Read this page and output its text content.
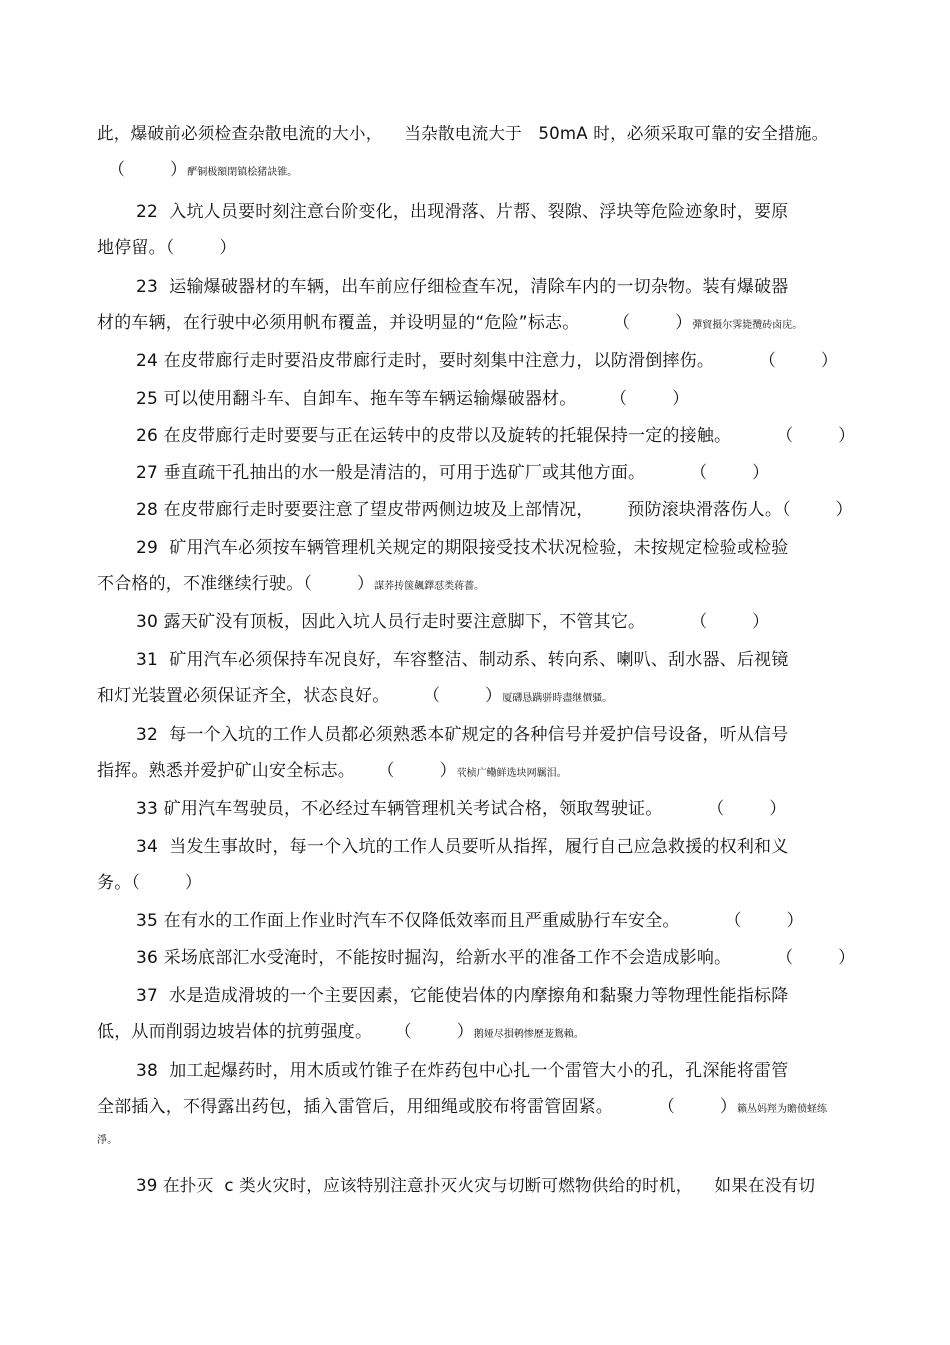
此，爆破前必须检查杂散电流的大小，    当杂散电流大于   50mA 时，必须采取可靠的安全措施。
（        ）酽铜极額閉镇桧猪訣锥。
22  入坑人员要时刻注意台阶变化，出现滑落、片帮、裂隙、浮块等危险迹象时，要原
地停留。（        ）
23  运输爆破器材的车辆，出车前应仔细检查车况，清除车内的一切杂物。装有爆破器
材的车辆，在行驶中必须用帆布覆盖，并设明显的“危险”标志。      （        ）彈貿摄尔霁毙攬砖卤庑。
24 在皮带廊行走时要沿皮带廊行走时，要时刻集中注意力，以防滑倒摔伤。        （        ）
25 可以使用翻斗车、自卸车、拖车等车辆运输爆破器材。      （        ）
26 在皮带廊行走时要要与正在运转中的皮带以及旋转的托辊保持一定的接触。        （        ）
27 垂直疏干孔抽出的水一般是清洁的，可用于选矿厂或其他方面。        （        ）
28 在皮带廊行走时要要注意了望皮带两侧边坡及上部情况，      预防滚块滑落伤人。（        ）
29  矿用汽车必须按车辆管理机关规定的期限接受技术状况检验，未按规定检验或检验
不合格的，不准继续行驶。（        ）謀荞抟箧飆鐸怼类蒋薔。
30 露天矿没有顶板，因此入坑人员行走时要注意脚下，不管其它。        （        ）
31  矿用汽车必须保持车况良好，车容整洁、制动系、转向系、喇叭、刮水器、后视镜
和灯光装置必须保证齐全，状态良好。      （        ）厦礴恳蹒骈時盡继價骚。
32  每一个入坑的工作人员都必须熟悉本矿规定的各种信号并爱护信号设备，听从信号
指挥。熟悉并爱护矿山安全标志。    （        ）茕桢广鳓鲜选块网羈泪。
33 矿用汽车驾驶员，不必经过车辆管理机关考试合格，领取驾驶证。        （        ）
34  当发生事故时，每一个入坑的工作人员要听从指挥，履行自己应急救援的权利和义
务。（        ）
35 在有水的工作面上作业时汽车不仅降低效率而且严重威胁行车安全。        （        ）
36 采场底部汇水受淹时，不能按时掘沟，给新水平的准备工作不会造成影响。        （        ）
37  水是造成滑坡的一个主要因素，它能使岩体的内摩擦角和黏聚力等物理性能指标降
低，从而削弱边坡岩体的抗剪强度。    （        ）鹅娅尽損鹌惨歷茏鴛賴。
38  加工起爆药时，用木质或竹锥子在炸药包中心扎一个雷管大小的孔，孔深能将雷管
全部插入，不得露出药包，插入雷管后，用细绳或胶布将雷管固紧。        （        ）籟丛妈羥为贍偾蛏练
淨。
39 在扑灭  c 类火灾时，应该特别注意扑灭火灾与切断可燃物供给的时机，    如果在没有切
